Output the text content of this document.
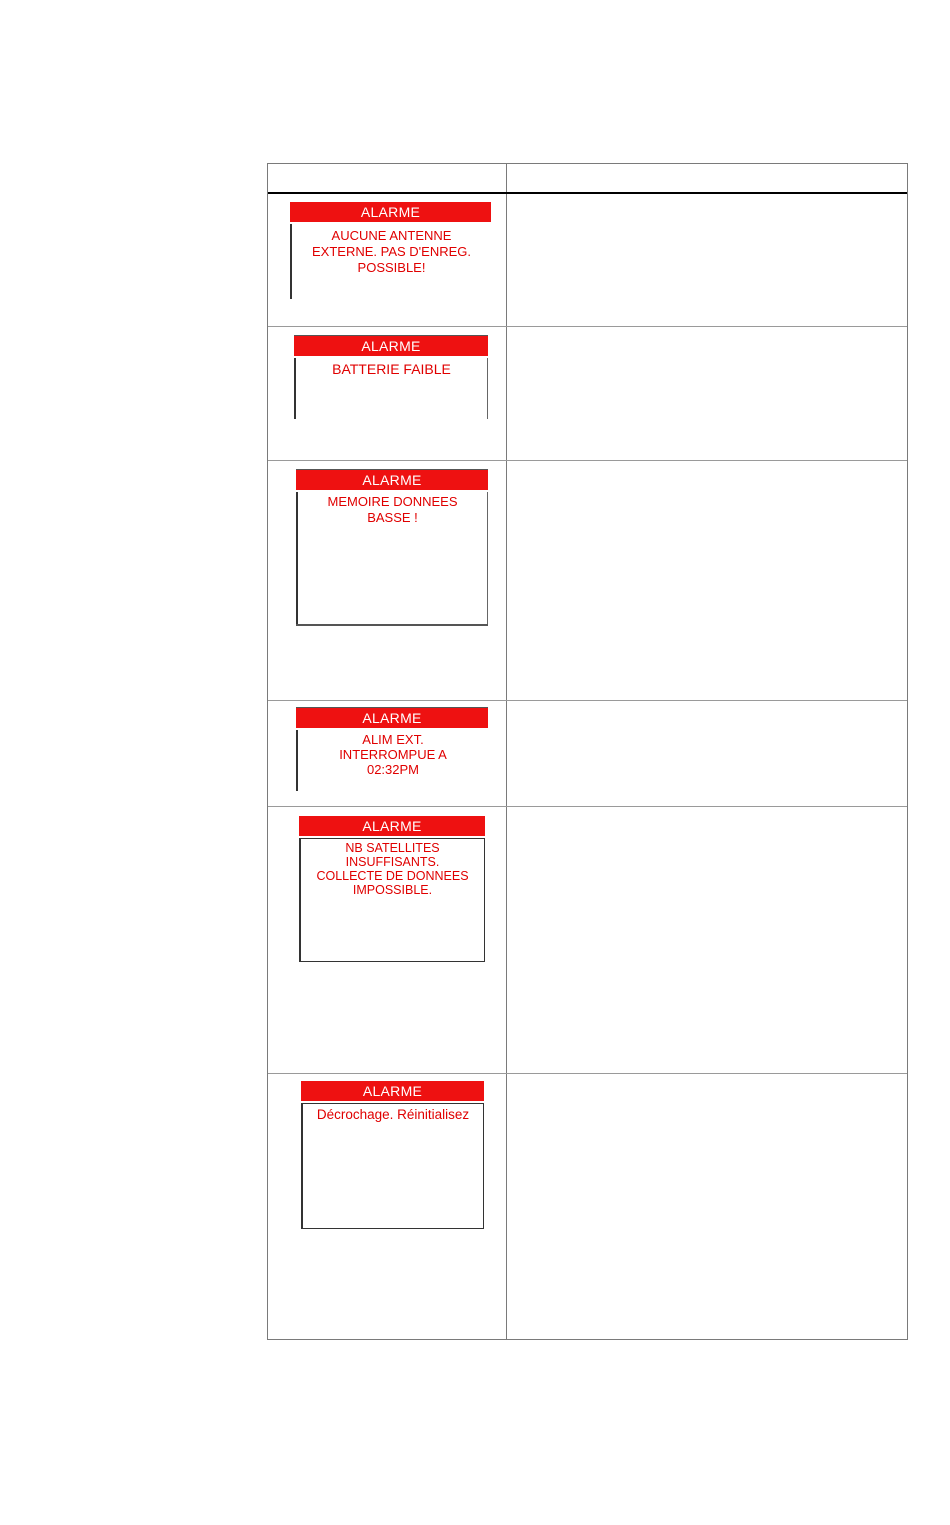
ALARME
AUCUNE ANTENNE
EXTERNE. PAS D'ENREG.
POSSIBLE!
ALARME
BATTERIE FAIBLE
ALARME
MEMOIRE DONNEES
BASSE !
ALARME
ALIM EXT.
INTERROMPUE A
02:32PM
ALARME
NB SATELLITES
INSUFFISANTS.
COLLECTE DE DONNEES
IMPOSSIBLE.
ALARME
Décrochage. Réinitialisez
